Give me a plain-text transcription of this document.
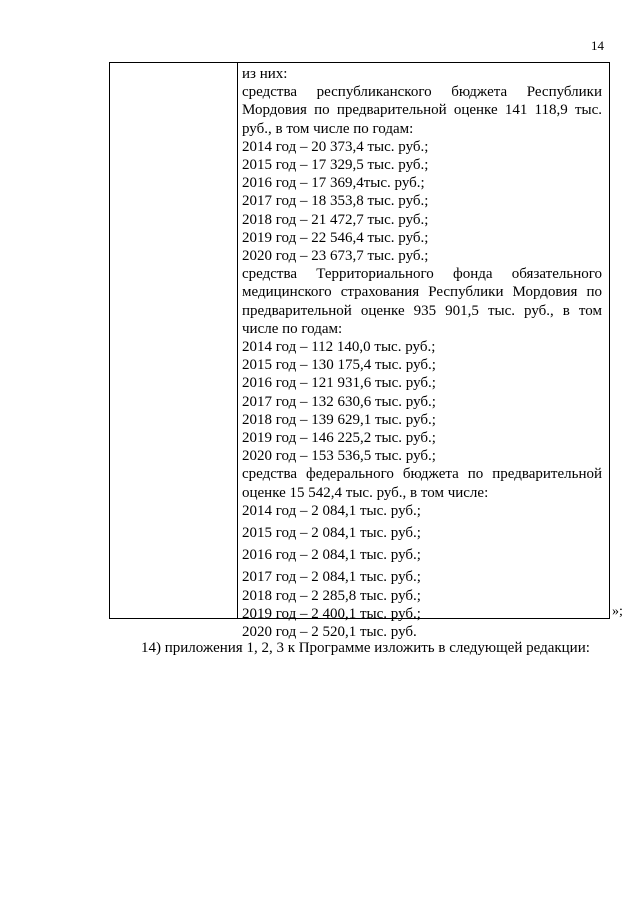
14
из них:
средства республиканского бюджета Республики
Мордовия по предварительной оценке 141 118,9 тыс.
руб., в том числе по годам:
2014 год – 20 373,4 тыс. руб.;
2015 год – 17 329,5 тыс. руб.;
2016 год – 17 369,4тыс. руб.;
2017 год – 18 353,8 тыс. руб.;
2018 год – 21 472,7 тыс. руб.;
2019 год – 22 546,4 тыс. руб.;
2020 год – 23 673,7 тыс. руб.;
средства Территориального фонда обязательного
медицинского страхования Республики Мордовия по
предварительной оценке 935 901,5 тыс. руб., в том
числе по годам:
2014 год – 112 140,0 тыс. руб.;
2015 год – 130 175,4 тыс. руб.;
2016 год – 121 931,6 тыс. руб.;
2017 год – 132 630,6 тыс. руб.;
2018 год – 139 629,1 тыс. руб.;
2019 год – 146 225,2 тыс. руб.;
2020 год – 153 536,5 тыс. руб.;
средства федерального бюджета по предварительной
оценке 15 542,4 тыс. руб., в том числе:
2014 год – 2 084,1 тыс. руб.;
2015 год – 2 084,1 тыс. руб.;
2016 год – 2 084,1 тыс. руб.;
2017 год – 2 084,1 тыс. руб.;
2018 год – 2 285,8 тыс. руб.;
2019 год – 2 400,1 тыс. руб.;
2020 год – 2 520,1 тыс. руб.
»;
14) приложения 1, 2, 3 к Программе изложить в следующей редакции:
